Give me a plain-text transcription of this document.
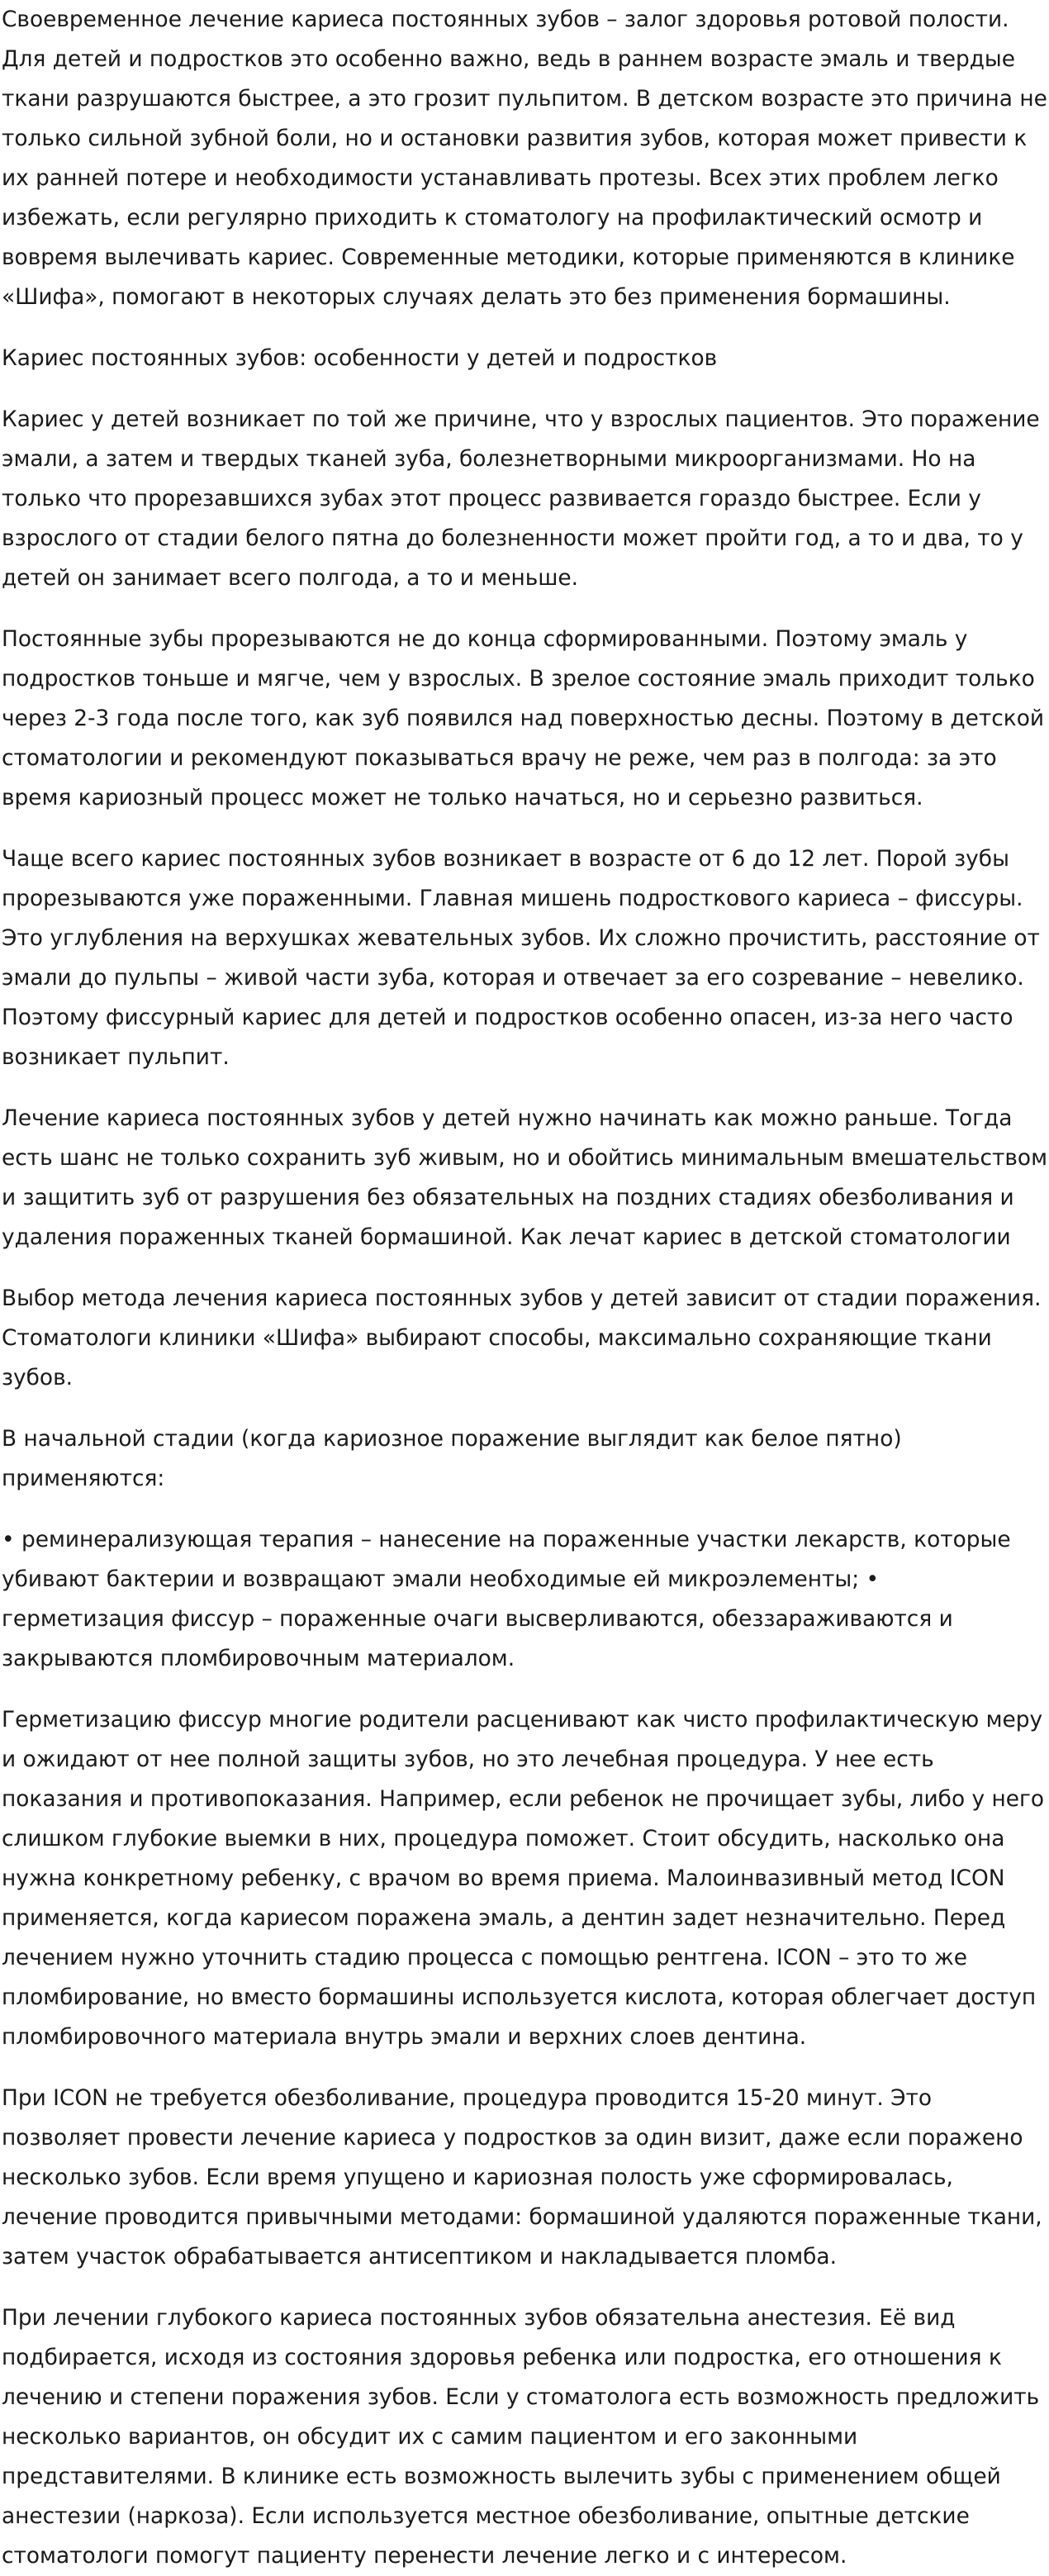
Своевременное лечение кариеса постоянных зубов – залог здоровья ротовой полости. Для детей и подростков это особенно важно, ведь в раннем возрасте эмаль и твердые ткани разрушаются быстрее, а это грозит пульпитом. В детском возрасте это причина не только сильной зубной боли, но и остановки развития зубов, которая может привести к их ранней потере и необходимости устанавливать протезы. Всех этих проблем легко избежать, если регулярно приходить к стоматологу на профилактический осмотр и вовремя вылечивать кариес. Современные методики, которые применяются в клинике «Шифа», помогают в некоторых случаях делать это без применения бормашины.

Кариес постоянных зубов: особенности у детей и подростков

Кариес у детей возникает по той же причине, что у взрослых пациентов. Это поражение эмали, а затем и твердых тканей зуба, болезнетворными микроорганизмами. Но на только что прорезавшихся зубах этот процесс развивается гораздо быстрее. Если у взрослого от стадии белого пятна до болезненности может пройти год, а то и два, то у детей он занимает всего полгода, а то и меньше.

Постоянные зубы прорезываются не до конца сформированными. Поэтому эмаль у подростков тоньше и мягче, чем у взрослых. В зрелое состояние эмаль приходит только через 2-3 года после того, как зуб появился над поверхностью десны. Поэтому в детской стоматологии и рекомендуют показываться врачу не реже, чем раз в полгода: за это время кариозный процесс может не только начаться, но и серьезно развиться.

Чаще всего кариес постоянных зубов возникает в возрасте от 6 до 12 лет. Порой зубы прорезываются уже пораженными. Главная мишень подросткового кариеса – фиссуры. Это углубления на верхушках жевательных зубов. Их сложно прочистить, расстояние от эмали до пульпы – живой части зуба, которая и отвечает за его созревание – невелико. Поэтому фиссурный кариес для детей и подростков особенно опасен, из-за него часто возникает пульпит.

Лечение кариеса постоянных зубов у детей нужно начинать как можно раньше. Тогда есть шанс не только сохранить зуб живым, но и обойтись минимальным вмешательством и защитить зуб от разрушения без обязательных на поздних стадиях обезболивания и удаления пораженных тканей бормашиной. Как лечат кариес в детской стоматологии

Выбор метода лечения кариеса постоянных зубов у детей зависит от стадии поражения. Стоматологи клиники «Шифа» выбирают способы, максимально сохраняющие ткани зубов.

В начальной стадии (когда кариозное поражение выглядит как белое пятно) применяются:

• реминерализующая терапия – нанесение на пораженные участки лекарств, которые убивают бактерии и возвращают эмали необходимые ей микроэлементы; • герметизация фиссур – пораженные очаги высверливаются, обеззараживаются и закрываются пломбировочным материалом.

Герметизацию фиссур многие родители расценивают как чисто профилактическую меру и ожидают от нее полной защиты зубов, но это лечебная процедура. У нее есть показания и противопоказания. Например, если ребенок не прочищает зубы, либо у него слишком глубокие выемки в них, процедура поможет. Стоит обсудить, насколько она нужна конкретному ребенку, с врачом во время приема. Малоинвазивный метод ICON применяется, когда кариесом поражена эмаль, а дентин задет незначительно. Перед лечением нужно уточнить стадию процесса с помощью рентгена. ICON – это то же пломбирование, но вместо бормашины используется кислота, которая облегчает доступ пломбировочного материала внутрь эмали и верхних слоев дентина.

При ICON не требуется обезболивание, процедура проводится 15-20 минут. Это позволяет провести лечение кариеса у подростков за один визит, даже если поражено несколько зубов. Если время упущено и кариозная полость уже сформировалась, лечение проводится привычными методами: бормашиной удаляются пораженные ткани, затем участок обрабатывается антисептиком и накладывается пломба.

При лечении глубокого кариеса постоянных зубов обязательна анестезия. Её вид подбирается, исходя из состояния здоровья ребенка или подростка, его отношения к лечению и степени поражения зубов. Если у стоматолога есть возможность предложить несколько вариантов, он обсудит их с самим пациентом и его законными представителями. В клинике есть возможность вылечить зубы с применением общей анестезии (наркоза). Если используется местное обезболивание, опытные детские стоматологи помогут пациенту перенести лечение легко и с интересом.
